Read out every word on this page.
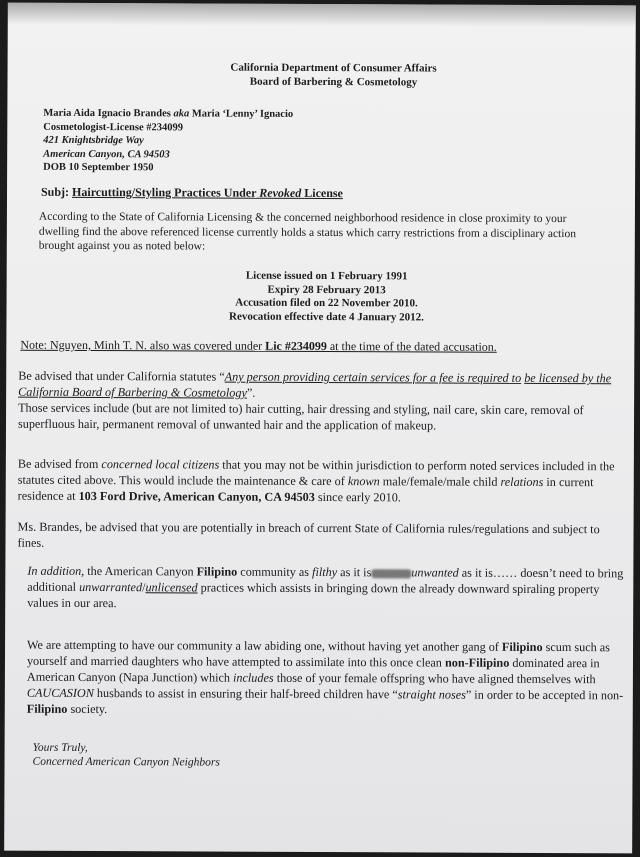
California Department of Consumer Affairs
Board of Barbering & Cosmetology
Maria Aida Ignacio Brandes aka Maria ‘Lenny’ Ignacio
Cosmetologist-License #234099
421 Knightsbridge Way
American Canyon, CA 94503
DOB 10 September 1950
Subj: Haircutting/Styling Practices Under Revoked License
According to the State of California Licensing & the concerned neighborhood residence in close proximity to your dwelling find the above referenced license currently holds a status which carry restrictions from a disciplinary action brought against you as noted below:
License issued on 1 February 1991
Expiry 28 February 2013
Accusation filed on 22 November 2010.
Revocation effective date 4 January 2012.
Note: Nguyen, Minh T. N. also was covered under Lic #234099 at the time of the dated accusation.
Be advised that under California statutes “Any person providing certain services for a fee is required to be licensed by the California Board of Barbering & Cosmetology”.
Those services include (but are not limited to) hair cutting, hair dressing and styling, nail care, skin care, removal of superfluous hair, permanent removal of unwanted hair and the application of makeup.
Be advised from concerned local citizens that you may not be within jurisdiction to perform noted services included in the statutes cited above. This would include the maintenance & care of known male/female/male child relations in current residence at 103 Ford Drive, American Canyon, CA 94503 since early 2010.
Ms. Brandes, be advised that you are potentially in breach of current State of California rules/regulations and subject to fines.
In addition, the American Canyon Filipino community as filthy as it is	unwanted as it is…… doesn’t need to bring additional unwarranted/unlicensed practices which assists in bringing down the already downward spiraling property values in our area.
We are attempting to have our community a law abiding one, without having yet another gang of Filipino scum such as yourself and married daughters who have attempted to assimilate into this once clean non-Filipino dominated area in American Canyon (Napa Junction) which includes those of your female offspring who have aligned themselves with CAUCASION husbands to assist in ensuring their half-breed children have “straight noses” in order to be accepted in non-Filipino society.
Yours Truly,
Concerned American Canyon Neighbors
